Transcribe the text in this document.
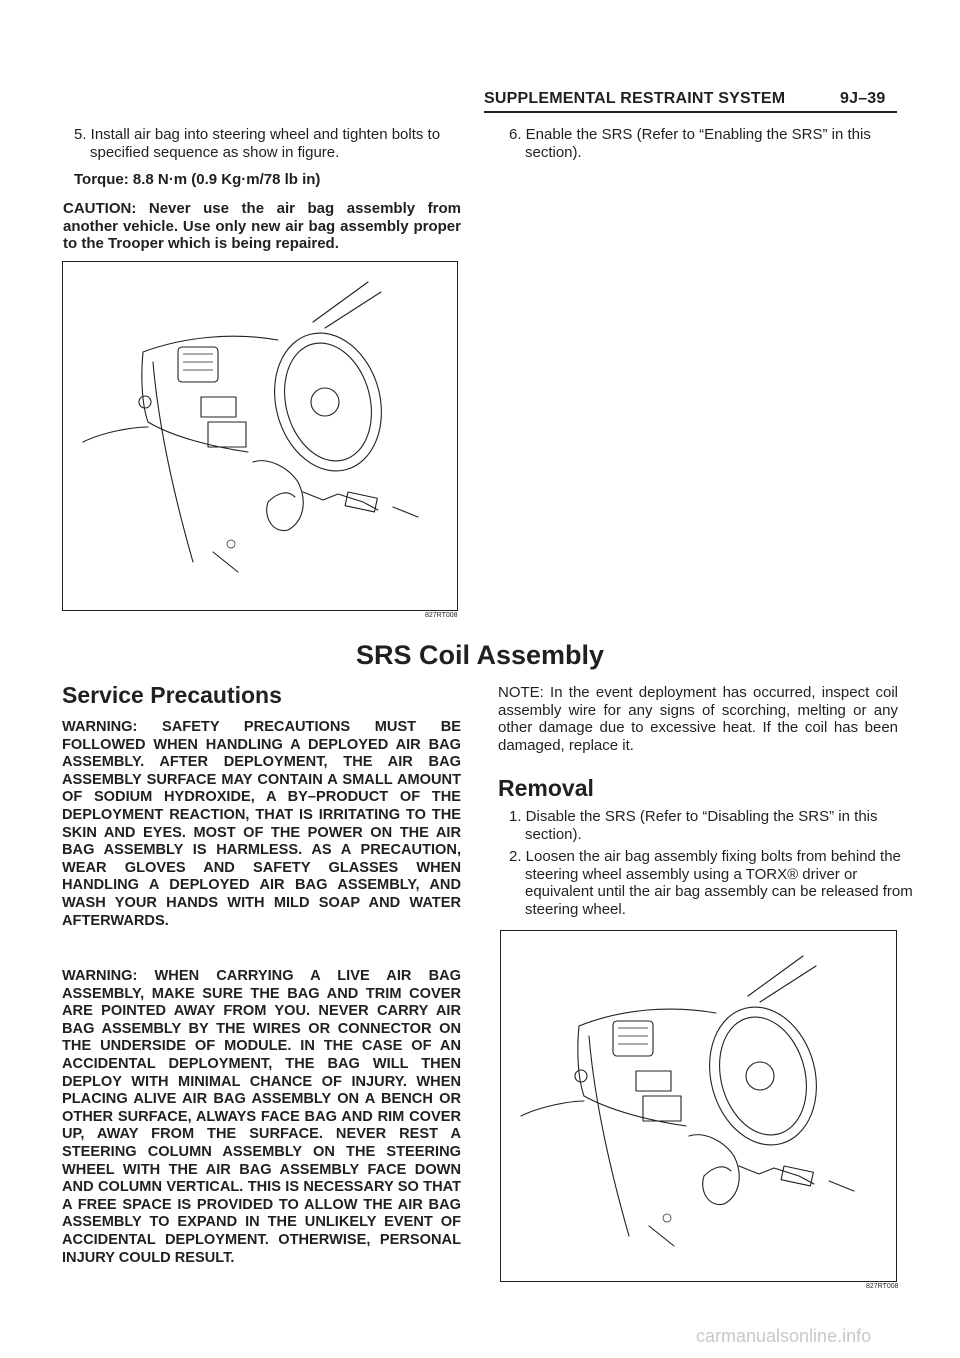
SUPPLEMENTAL RESTRAINT SYSTEM	9J–39
5. Install air bag into steering wheel and tighten bolts to specified sequence as show in figure.
Torque: 8.8 N·m (0.9 Kg·m/78 lb in)
CAUTION: Never use the air bag assembly from another vehicle. Use only new air bag assembly proper to the Trooper which is being repaired.
827RT008
6. Enable the SRS (Refer to “Enabling the SRS” in this section).
SRS Coil Assembly
Service Precautions
WARNING: SAFETY PRECAUTIONS MUST BE FOLLOWED WHEN HANDLING A DEPLOYED AIR BAG ASSEMBLY. AFTER DEPLOYMENT, THE AIR BAG ASSEMBLY SURFACE MAY CONTAIN A SMALL AMOUNT OF SODIUM HYDROXIDE, A BY–PRODUCT OF THE DEPLOYMENT REACTION, THAT IS IRRITATING TO THE SKIN AND EYES. MOST OF THE POWER ON THE AIR BAG ASSEMBLY IS HARMLESS. AS A PRECAUTION, WEAR GLOVES AND SAFETY GLASSES WHEN HANDLING A DEPLOYED AIR BAG ASSEMBLY, AND WASH YOUR HANDS WITH MILD SOAP AND WATER AFTERWARDS.
WARNING: WHEN CARRYING A LIVE AIR BAG ASSEMBLY, MAKE SURE THE BAG AND TRIM COVER ARE POINTED AWAY FROM YOU. NEVER CARRY AIR BAG ASSEMBLY BY THE WIRES OR CONNECTOR ON THE UNDERSIDE OF MODULE. IN THE CASE OF AN ACCIDENTAL DEPLOYMENT, THE BAG WILL THEN DEPLOY WITH MINIMAL CHANCE OF INJURY. WHEN PLACING ALIVE AIR BAG ASSEMBLY ON A BENCH OR OTHER SURFACE, ALWAYS FACE BAG AND RIM COVER UP, AWAY FROM THE SURFACE. NEVER REST A STEERING COLUMN ASSEMBLY ON THE STEERING WHEEL WITH THE AIR BAG ASSEMBLY FACE DOWN AND COLUMN VERTICAL. THIS IS NECESSARY SO THAT A FREE SPACE IS PROVIDED TO ALLOW THE AIR BAG ASSEMBLY TO EXPAND IN THE UNLIKELY EVENT OF ACCIDENTAL DEPLOYMENT. OTHERWISE, PERSONAL INJURY COULD RESULT.
NOTE: In the event deployment has occurred, inspect coil assembly wire for any signs of scorching, melting or any other damage due to excessive heat. If the coil has been damaged, replace it.
Removal
1. Disable the SRS (Refer to “Disabling the SRS” in this section).
2. Loosen the air bag assembly fixing bolts from behind the steering wheel assembly using a TORX® driver or equivalent until the air bag assembly can be released from steering wheel.
827RT008
carmanualsonline.info
